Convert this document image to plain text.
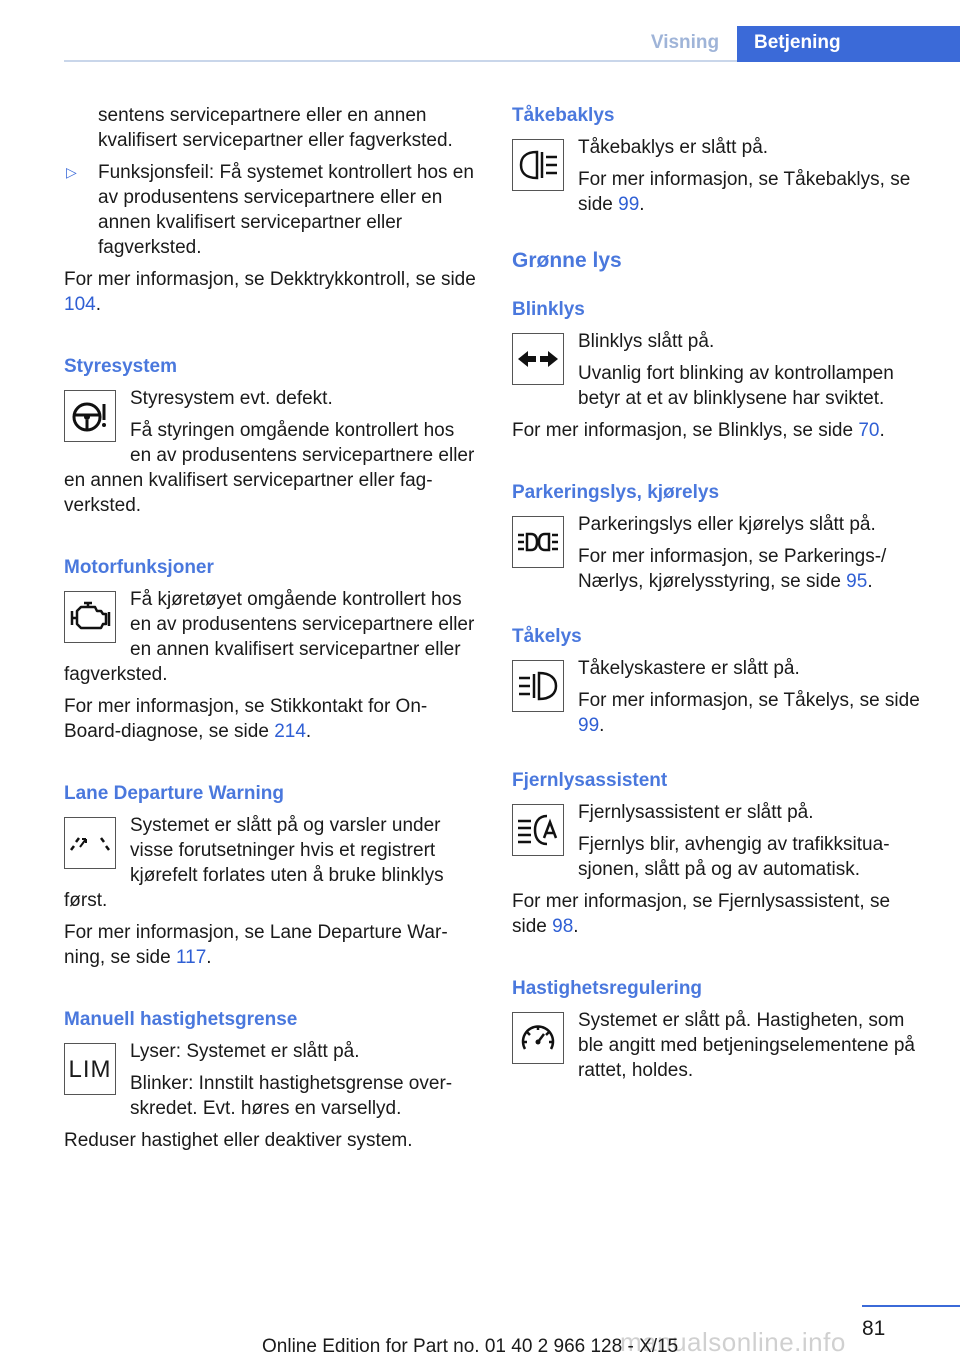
Visning	Betjening

sentens servicepartnere eller en annen kvalifisert servicepartner eller fagverksted.

▷ Funksjonsfeil: Få systemet kontrollert hos en av produsentens servicepartnere eller en annen kvalifisert servicepartner eller fagverksted.

For mer informasjon, se Dekktrykkontroll, se side 104.

Styresystem

Styresystem evt. defekt.

Få styringen omgående kontrollert hos en av produsentens servicepartnere eller en annen kvalifisert servicepartner eller fagverksted.

Motorfunksjoner

Få kjøretøyet omgående kontrollert hos en av produsentens servicepartnere eller en annen kvalifisert servicepartner eller fagverksted.

For mer informasjon, se Stikkontakt for On-Board-diagnose, se side 214.

Lane Departure Warning

Systemet er slått på og varsler under visse forutsetninger hvis et registrert kjørefelt forlates uten å bruke blinklys først.

For mer informasjon, se Lane Departure Warning, se side 117.

Manuell hastighetsgrense

LIM

Lyser: Systemet er slått på.

Blinker: Innstilt hastighetsgrense overskredet. Evt. høres en varsellyd.

Reduser hastighet eller deaktiver system.

Tåkebaklys

Tåkebaklys er slått på.

For mer informasjon, se Tåkebaklys, se side 99.

Grønne lys

Blinklys

Blinklys slått på.

Uvanlig fort blinking av kontrollampen betyr at et av blinklysene har sviktet.

For mer informasjon, se Blinklys, se side 70.

Parkeringslys, kjørelys

Parkeringslys eller kjørelys slått på.

For mer informasjon, se Parkerings-/ Nærlys, kjørelysstyring, se side 95.

Tåkelys

Tåkelyskastere er slått på.

For mer informasjon, se Tåkelys, se side 99.

Fjernlysassistent

Fjernlysassistent er slått på.

Fjernlys blir, avhengig av trafikksituasjonen, slått på og av automatisk.

For mer informasjon, se Fjernlysassistent, se side 98.

Hastighetsregulering

Systemet er slått på. Hastigheten, som ble angitt med betjeningselementene på rattet, holdes.

81
manualsonline.info
Online Edition for Part no. 01 40 2 966 128 - X/15
